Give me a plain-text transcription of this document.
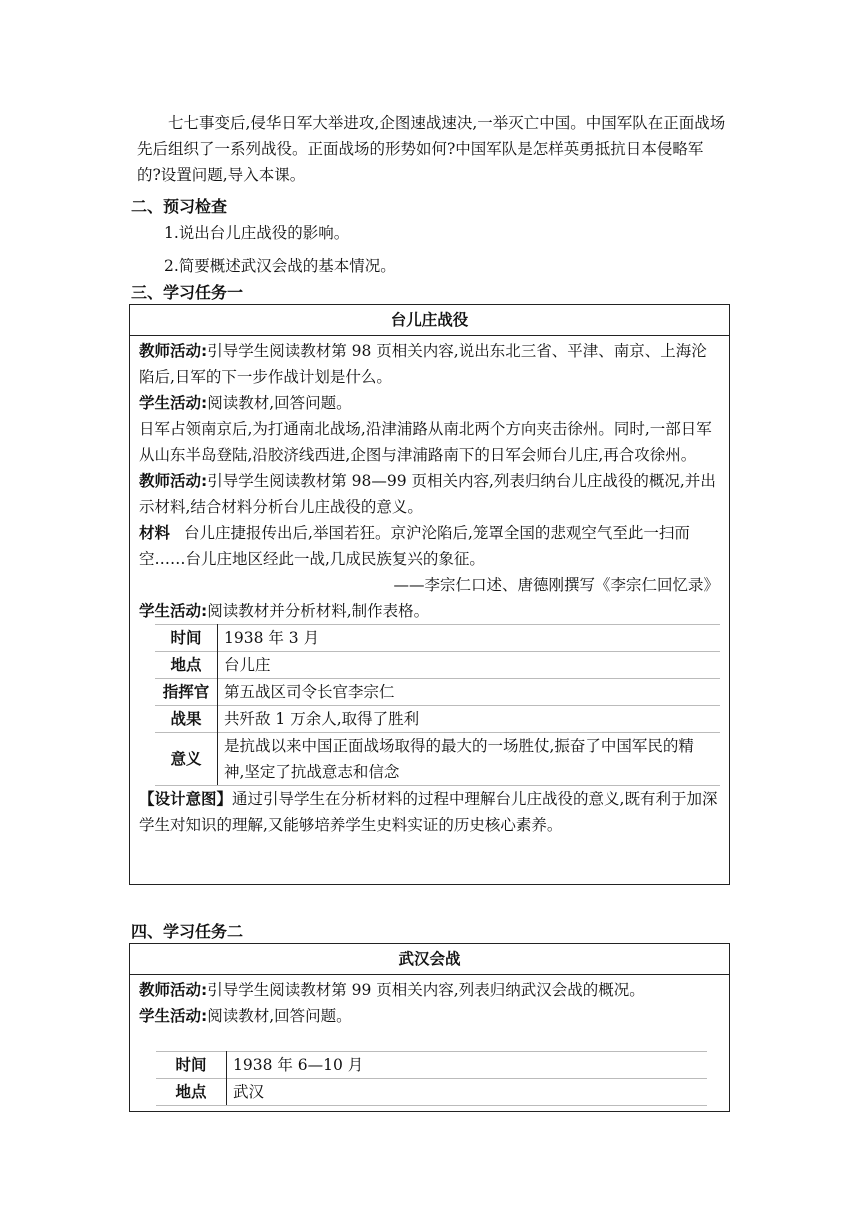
七七事变后,侵华日军大举进攻,企图速战速决,一举灭亡中国。中国军队在正面战场先后组织了一系列战役。正面战场的形势如何?中国军队是怎样英勇抵抗日本侵略军的?设置问题,导入本课。

二、预习检查

1.说出台儿庄战役的影响。

2.简要概述武汉会战的基本情况。

三、学习任务一

台儿庄战役

教师活动:引导学生阅读教材第 98 页相关内容,说出东北三省、平津、南京、上海沦陷后,日军的下一步作战计划是什么。

学生活动:阅读教材,回答问题。

日军占领南京后,为打通南北战场,沿津浦路从南北两个方向夹击徐州。同时,一部日军从山东半岛登陆,沿胶济线西进,企图与津浦路南下的日军会师台儿庄,再合攻徐州。

教师活动:引导学生阅读教材第 98—99 页相关内容,列表归纳台儿庄战役的概况,并出示材料,结合材料分析台儿庄战役的意义。

材料 台儿庄捷报传出后,举国若狂。京沪沦陷后,笼罩全国的悲观空气至此一扫而空……台儿庄地区经此一战,几成民族复兴的象征。

——李宗仁口述、唐德刚撰写《李宗仁回忆录》

学生活动:阅读教材并分析材料,制作表格。

时间	1938 年 3 月
地点	台儿庄
指挥官	第五战区司令长官李宗仁
战果	共歼敌 1 万余人,取得了胜利
意义	是抗战以来中国正面战场取得的最大的一场胜仗,振奋了中国军民的精神,坚定了抗战意志和信念

【设计意图】通过引导学生在分析材料的过程中理解台儿庄战役的意义,既有利于加深学生对知识的理解,又能够培养学生史料实证的历史核心素养。

四、学习任务二

武汉会战

教师活动:引导学生阅读教材第 99 页相关内容,列表归纳武汉会战的概况。

学生活动:阅读教材,回答问题。

时间	1938 年 6—10 月
地点	武汉
